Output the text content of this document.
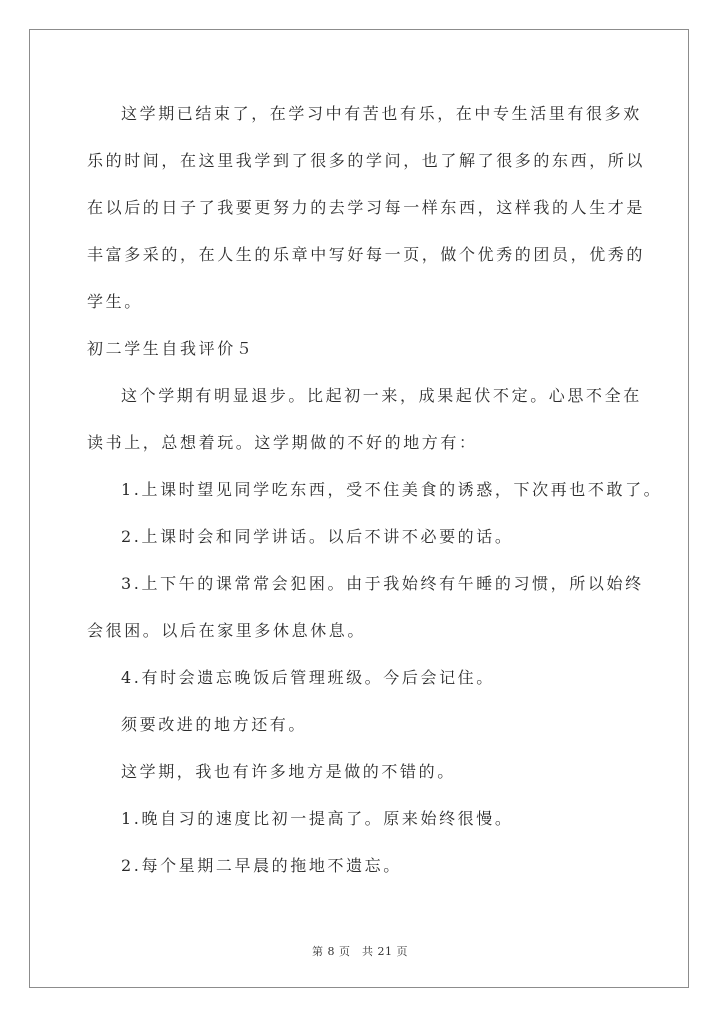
这学期已结束了，在学习中有苦也有乐，在中专生活里有很多欢
乐的时间，在这里我学到了很多的学问，也了解了很多的东西，所以
在以后的日子了我要更努力的去学习每一样东西，这样我的人生才是
丰富多采的，在人生的乐章中写好每一页，做个优秀的团员，优秀的
学生。
初二学生自我评价５
这个学期有明显退步。比起初一来，成果起伏不定。心思不全在
读书上，总想着玩。这学期做的不好的地方有：
1.上课时望见同学吃东西，受不住美食的诱惑，下次再也不敢了。
2.上课时会和同学讲话。以后不讲不必要的话。
3.上下午的课常常会犯困。由于我始终有午睡的习惯，所以始终
会很困。以后在家里多休息休息。
4.有时会遗忘晚饭后管理班级。今后会记住。
须要改进的地方还有。
这学期，我也有许多地方是做的不错的。
1.晚自习的速度比初一提高了。原来始终很慢。
2.每个星期二早晨的拖地不遗忘。
第 8 页　共 21 页
